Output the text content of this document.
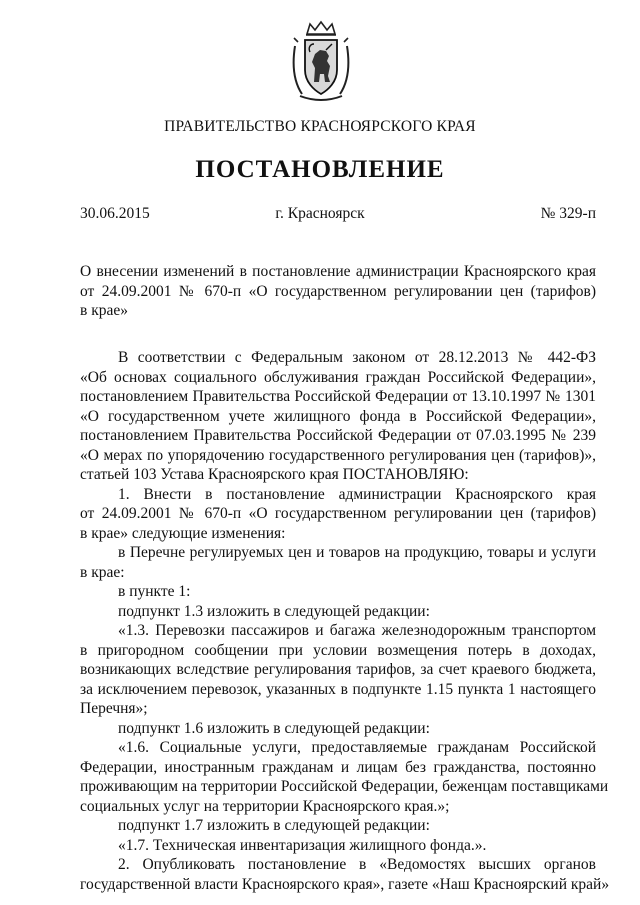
ПРАВИТЕЛЬСТВО КРАСНОЯРСКОГО КРАЯ
ПОСТАНОВЛЕНИЕ
30.06.2015	г. Красноярск	№ 329-п
О внесении изменений в постановление администрации Красноярского края
от 24.09.2001 № 670-п «О государственном регулировании цен (тарифов)
в крае»
В соответствии с Федеральным законом от 28.12.2013 № 442-ФЗ
«Об основах социального обслуживания граждан Российской Федерации»,
постановлением Правительства Российской Федерации от 13.10.1997 № 1301
«О государственном учете жилищного фонда в Российской Федерации»,
постановлением Правительства Российской Федерации от 07.03.1995 № 239
«О мерах по упорядочению государственного регулирования цен (тарифов)»,
статьей 103 Устава Красноярского края ПОСТАНОВЛЯЮ:
1. Внести в постановление администрации Красноярского края
от 24.09.2001 № 670-п «О государственном регулировании цен (тарифов)
в крае» следующие изменения:
в Перечне регулируемых цен и товаров на продукцию, товары и услуги
в крае:
в пункте 1:
подпункт 1.3 изложить в следующей редакции:
«1.3. Перевозки пассажиров и багажа железнодорожным транспортом
в пригородном сообщении при условии возмещения потерь в доходах,
возникающих вследствие регулирования тарифов, за счет краевого бюджета,
за исключением перевозок, указанных в подпункте 1.15 пункта 1 настоящего
Перечня»;
подпункт 1.6 изложить в следующей редакции:
«1.6. Социальные услуги, предоставляемые гражданам Российской
Федерации, иностранным гражданам и лицам без гражданства, постоянно
проживающим на территории Российской Федерации, беженцам поставщиками
социальных услуг на территории Красноярского края.»;
подпункт 1.7 изложить в следующей редакции:
«1.7. Техническая инвентаризация жилищного фонда.».
2. Опубликовать постановление в «Ведомостях высших органов
государственной власти Красноярского края», газете «Наш Красноярский край»
